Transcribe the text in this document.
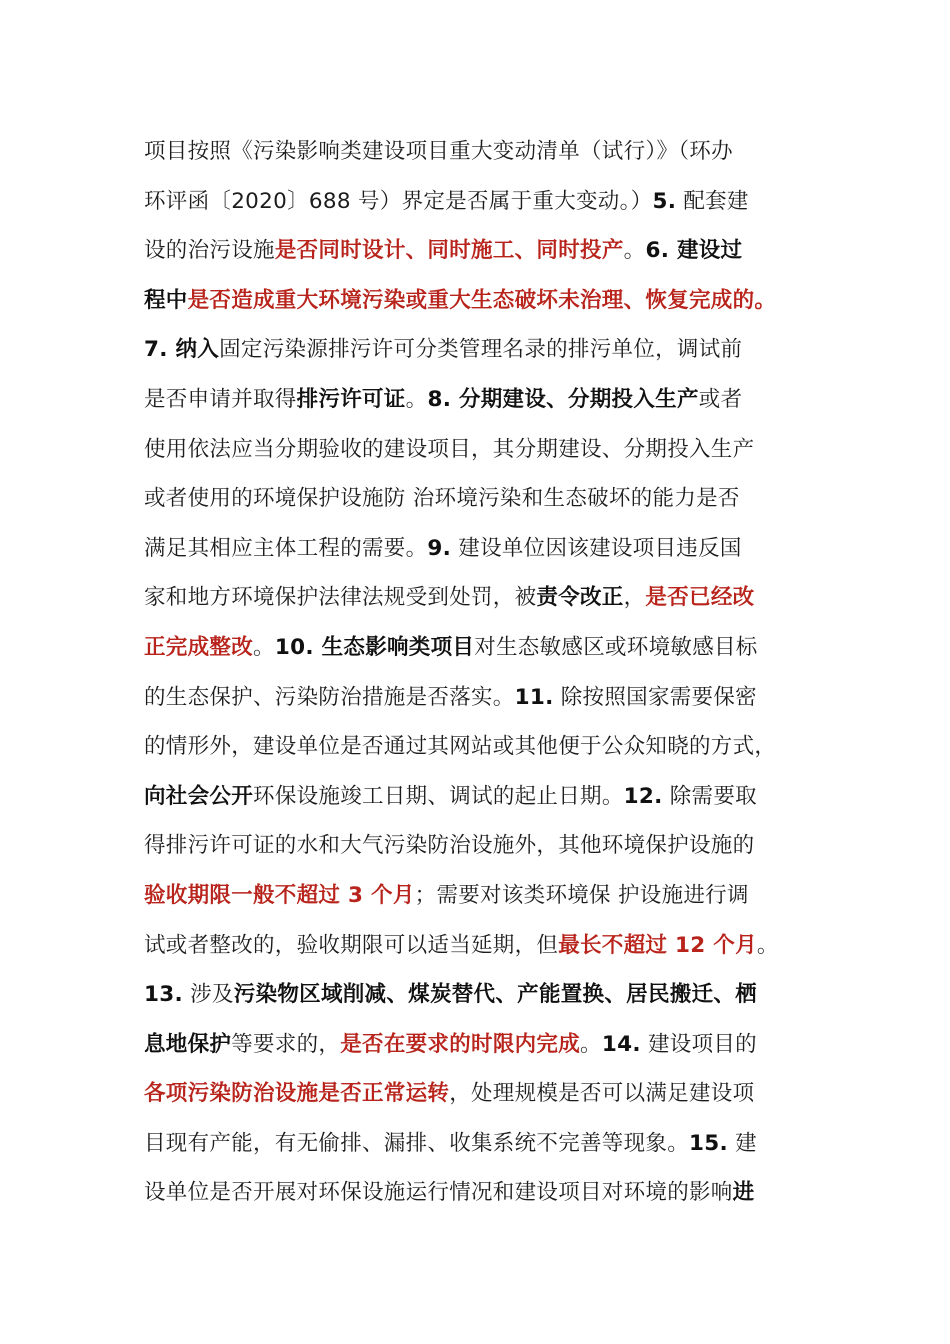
项目按照《污染影响类建设项目重大变动清单（试行）》（环办
环评函〔2020〕688 号）界定是否属于重大变动。）5. 配套建
设的治污设施是否同时设计、同时施工、同时投产。6. 建设过
程中是否造成重大环境污染或重大生态破坏未治理、恢复完成的。
7. 纳入固定污染源排污许可分类管理名录的排污单位，调试前
是否申请并取得排污许可证。8. 分期建设、分期投入生产或者
使用依法应当分期验收的建设项目，其分期建设、分期投入生产
或者使用的环境保护设施防 治环境污染和生态破坏的能力是否
满足其相应主体工程的需要。9. 建设单位因该建设项目违反国
家和地方环境保护法律法规受到处罚，被责令改正，是否已经改
正完成整改。10. 生态影响类项目对生态敏感区或环境敏感目标
的生态保护、污染防治措施是否落实。11. 除按照国家需要保密
的情形外，建设单位是否通过其网站或其他便于公众知晓的方式，
向社会公开环保设施竣工日期、调试的起止日期。12. 除需要取
得排污许可证的水和大气污染防治设施外，其他环境保护设施的
验收期限一般不超过 3 个月；需要对该类环境保 护设施进行调
试或者整改的，验收期限可以适当延期，但最长不超过 12 个月。
13. 涉及污染物区域削减、煤炭替代、产能置换、居民搬迁、栖
息地保护等要求的，是否在要求的时限内完成。14. 建设项目的
各项污染防治设施是否正常运转，处理规模是否可以满足建设项
目现有产能，有无偷排、漏排、收集系统不完善等现象。15. 建
设单位是否开展对环保设施运行情况和建设项目对环境的影响进
